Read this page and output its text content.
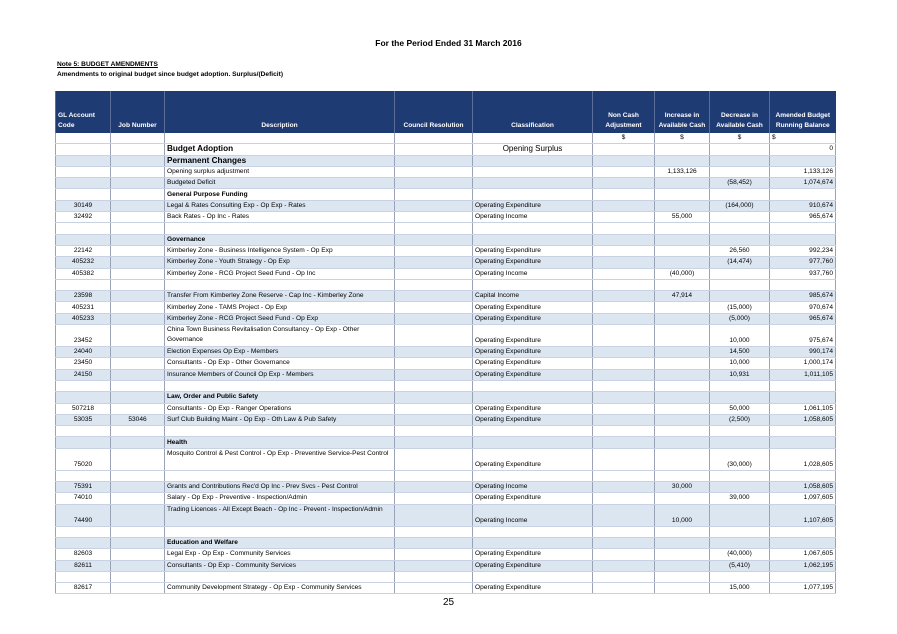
For the Period Ended 31 March 2016
Note 5: BUDGET AMENDMENTS
Amendments to original budget since budget adoption. Surplus/(Deficit)
GL Account Code	Job Number	Description	Council Resolution	Classification	Non Cash Adjustment	Increase in Available Cash	Decrease in Available Cash	Amended Budget Running Balance
					$	$	$	$
		Budget Adoption		Opening Surplus				0
		Permanent Changes						
		Opening surplus adjustment				1,133,126		1,133,126
		Budgeted Deficit					(58,452)	1,074,674
		General Purpose Funding						
30149		Legal & Rates Consulting Exp - Op Exp - Rates		Operating Expenditure			(164,000)	910,674
32492		Back Rates - Op Inc - Rates		Operating Income		55,000		965,674

		Governance						
22142		Kimberley Zone - Business Intelligence System - Op Exp		Operating Expenditure			26,560	992,234
405232		Kimberley Zone - Youth Strategy - Op Exp		Operating Expenditure			(14,474)	977,760
405382		Kimberley Zone - RCG Project Seed Fund - Op Inc		Operating Income		(40,000)		937,760

23598		Transfer From Kimberley Zone Reserve - Cap Inc - Kimberley Zone		Capital Income		47,914		985,674
405231		Kimberley Zone - TAMS Project - Op Exp		Operating Expenditure			(15,000)	970,674
405233		Kimberley Zone - RCG Project Seed Fund - Op Exp		Operating Expenditure			(5,000)	965,674
23452		China Town Business Revitalisation Consultancy - Op Exp - Other Governance		Operating Expenditure			10,000	975,674
24040		Election Expenses Op Exp - Members		Operating Expenditure			14,500	990,174
23450		Consultants - Op Exp - Other Governance		Operating Expenditure			10,000	1,000,174
24150		Insurance Members of Council Op Exp - Members		Operating Expenditure			10,931	1,011,105

		Law, Order and Public Safety						
507218		Consultants - Op Exp - Ranger Operations		Operating Expenditure			50,000	1,061,105
53035	53046	Surf Club Building Maint - Op Exp - Oth Law & Pub Safety		Operating Expenditure			(2,500)	1,058,605

		Health						
75020		Mosquito Control & Pest Control - Op Exp - Preventive Service-Pest Control		Operating Expenditure			(30,000)	1,028,605

75391		Grants and Contributions Rec'd Op Inc - Prev Svcs - Pest Control		Operating Income		30,000		1,058,605
74010		Salary - Op Exp - Preventive - Inspection/Admin		Operating Expenditure			39,000	1,097,605
74490		Trading Licences - All Except Beach - Op Inc - Prevent - Inspection/Admin		Operating Income		10,000		1,107,605

		Education and Welfare						
82603		Legal Exp - Op Exp - Community Services		Operating Expenditure			(40,000)	1,067,605
82611		Consultants - Op Exp - Community Services		Operating Expenditure			(5,410)	1,062,195

82617		Community Development Strategy - Op Exp - Community Services		Operating Expenditure			15,000	1,077,195
25
